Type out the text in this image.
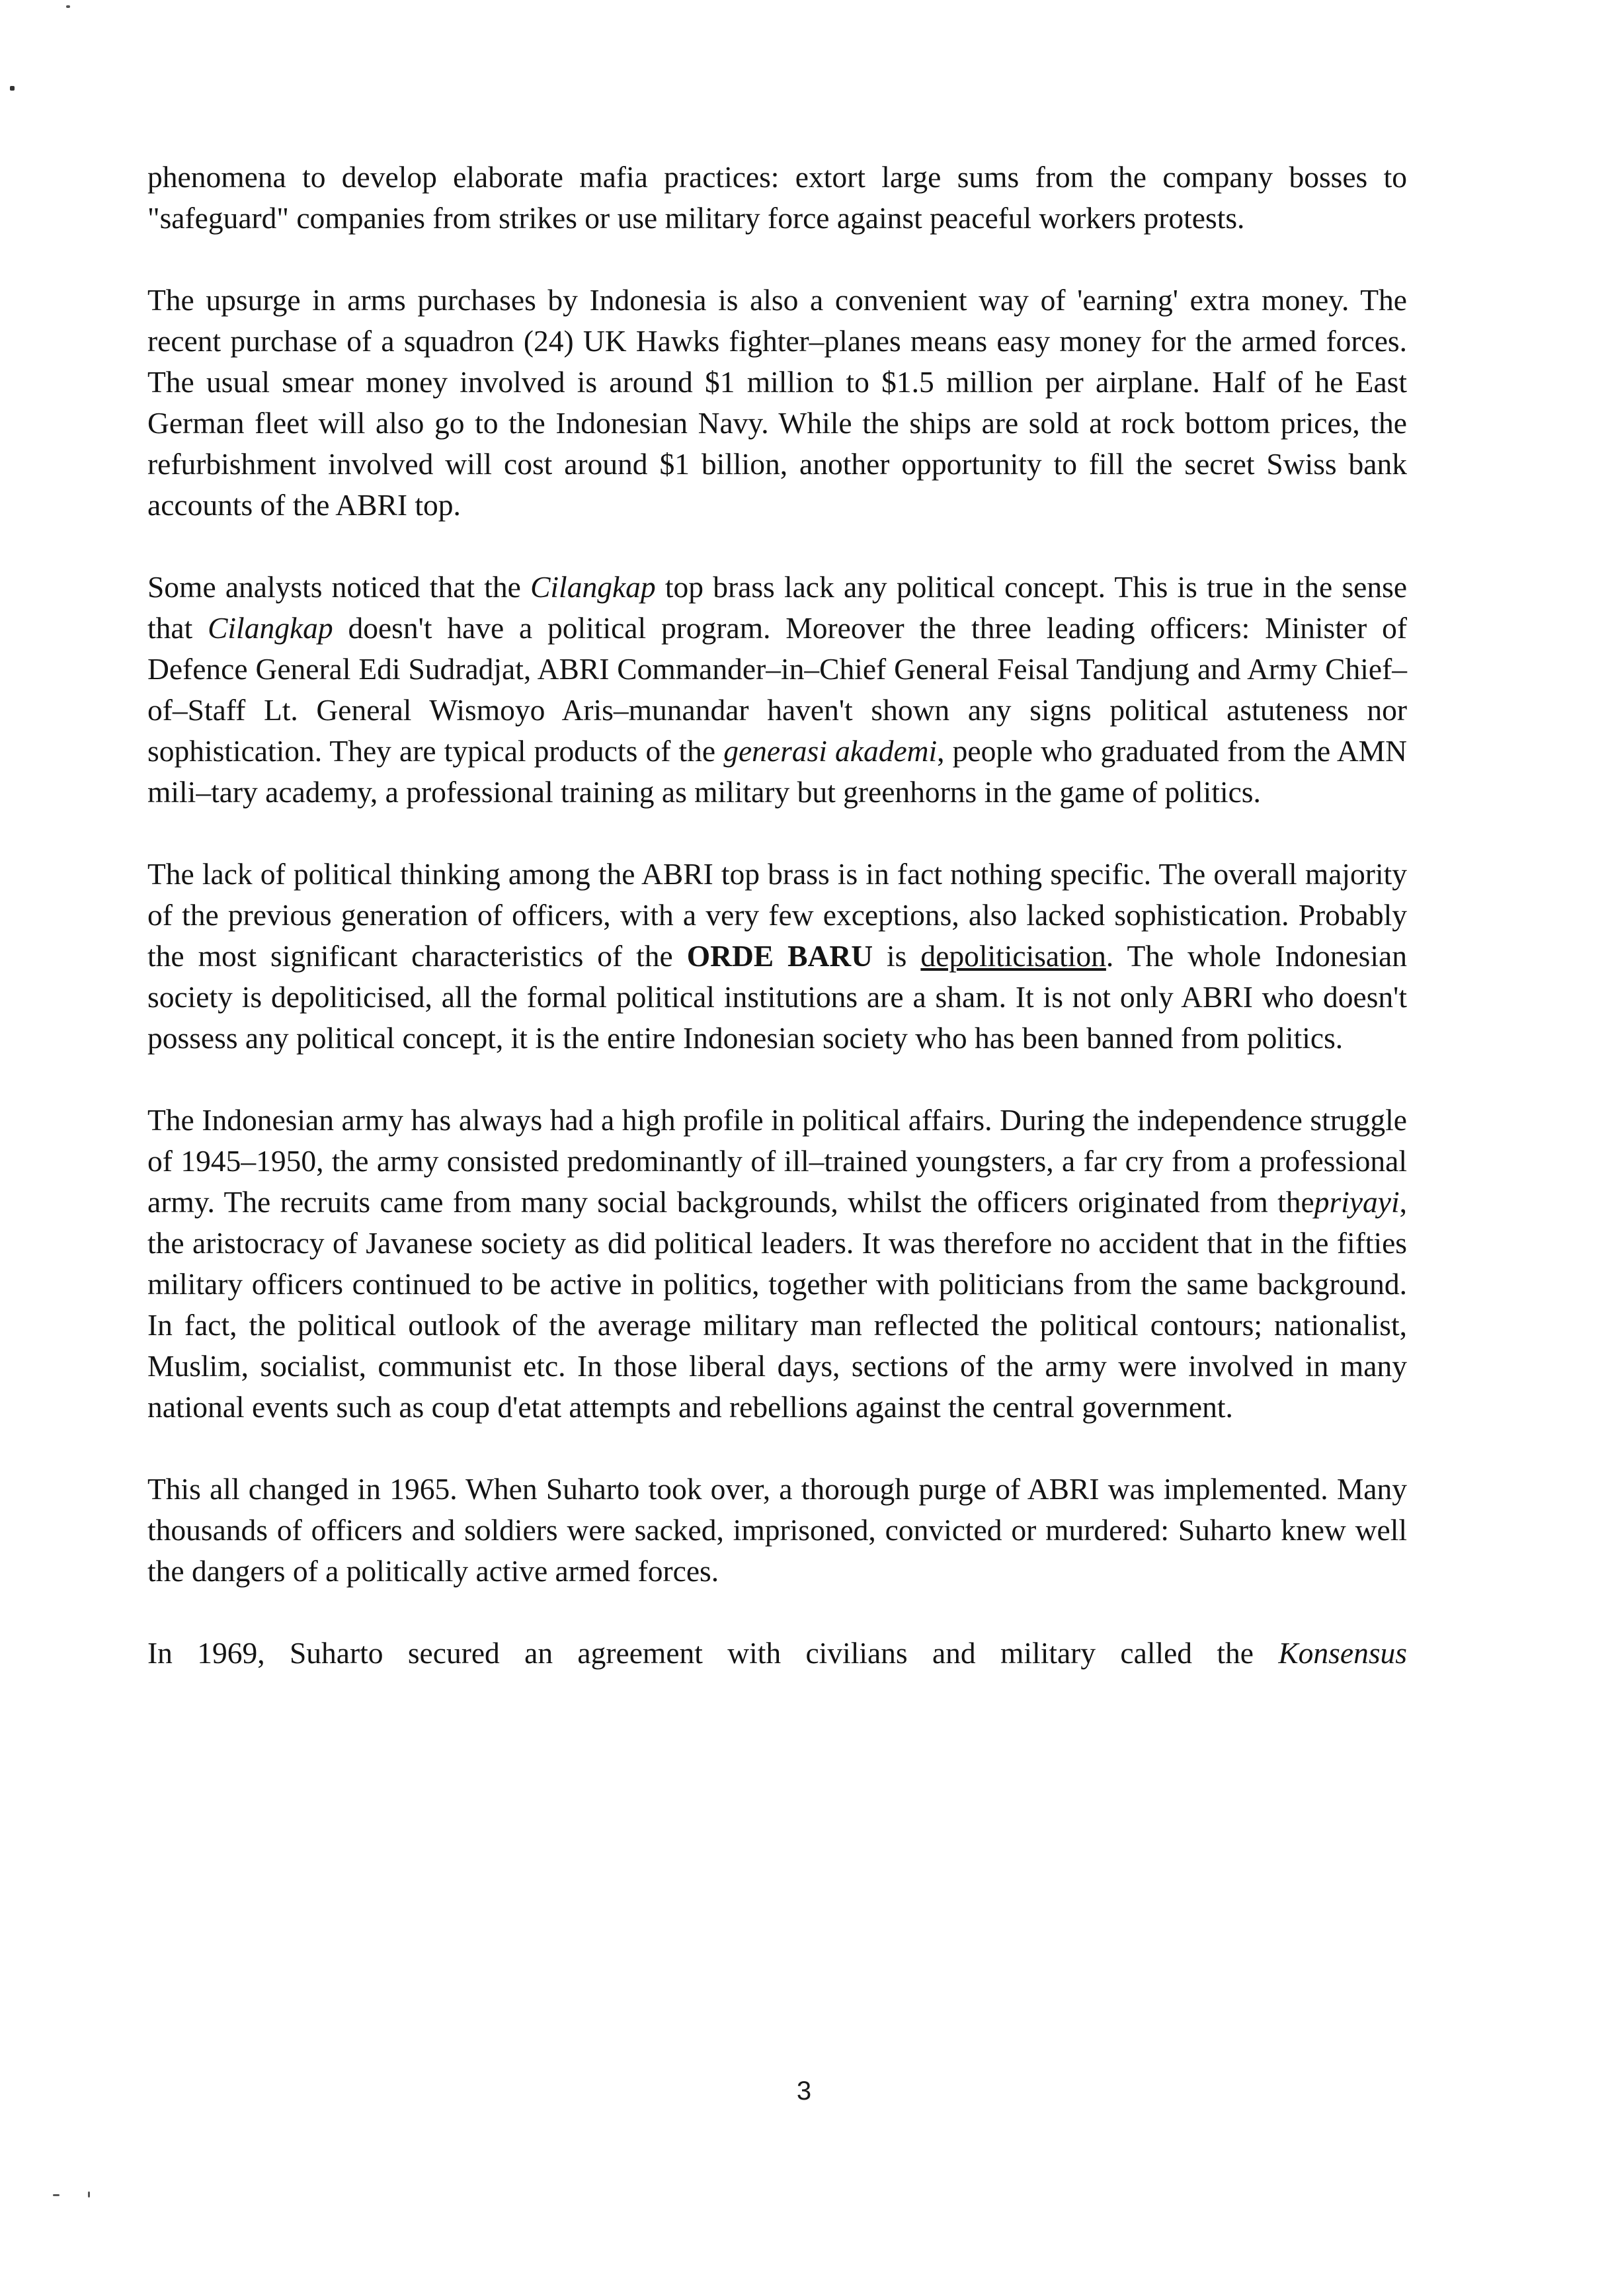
phenomena to develop elaborate mafia practices: extort large sums from the company bosses to "safeguard" companies from strikes or use military force against peaceful workers protests.

The upsurge in arms purchases by Indonesia is also a convenient way of 'earning' extra money. The recent purchase of a squadron (24) UK Hawks fighter–planes means easy money for the armed forces. The usual smear money involved is around $1 million to $1.5 million per airplane. Half of he East German fleet will also go to the Indonesian Navy. While the ships are sold at rock bottom prices, the refurbishment involved will cost around $1 billion, another opportunity to fill the secret Swiss bank accounts of the ABRI top.

Some analysts noticed that the Cilangkap top brass lack any political concept. This is true in the sense that Cilangkap doesn't have a political program. Moreover the three leading officers: Minister of Defence General Edi Sudradjat, ABRI Commander–in–Chief General Feisal Tandjung and Army Chief–of–Staff Lt. General Wismoyo Aris–munandar haven't shown any signs political astuteness nor sophistication. They are typical products of the generasi akademi, people who graduated from the AMN mili–tary academy, a professional training as military but greenhorns in the game of politics.

The lack of political thinking among the ABRI top brass is in fact nothing specific. The overall majority of the previous generation of officers, with a very few exceptions, also lacked sophistication. Probably the most significant characteristics of the ORDE BARU is depoliticisation. The whole Indonesian society is depoliticised, all the formal political institutions are a sham. It is not only ABRI who doesn't possess any political concept, it is the entire Indonesian society who has been banned from politics.

The Indonesian army has always had a high profile in political affairs. During the independence struggle of 1945–1950, the army consisted predominantly of ill–trained youngsters, a far cry from a professional army. The recruits came from many social backgrounds, whilst the officers originated from thepriyayi, the aristocracy of Javanese society as did political leaders. It was therefore no accident that in the fifties military officers continued to be active in politics, together with politicians from the same background. In fact, the political outlook of the average military man reflected the political contours; nationalist, Muslim, socialist, communist etc. In those liberal days, sections of the army were involved in many national events such as coup d'etat attempts and rebellions against the central government.

This all changed in 1965. When Suharto took over, a thorough purge of ABRI was implemented. Many thousands of officers and soldiers were sacked, imprisoned, convicted or murdered: Suharto knew well the dangers of a politically active armed forces.

In 1969, Suharto secured an agreement with civilians and military called the Konsensus

3
